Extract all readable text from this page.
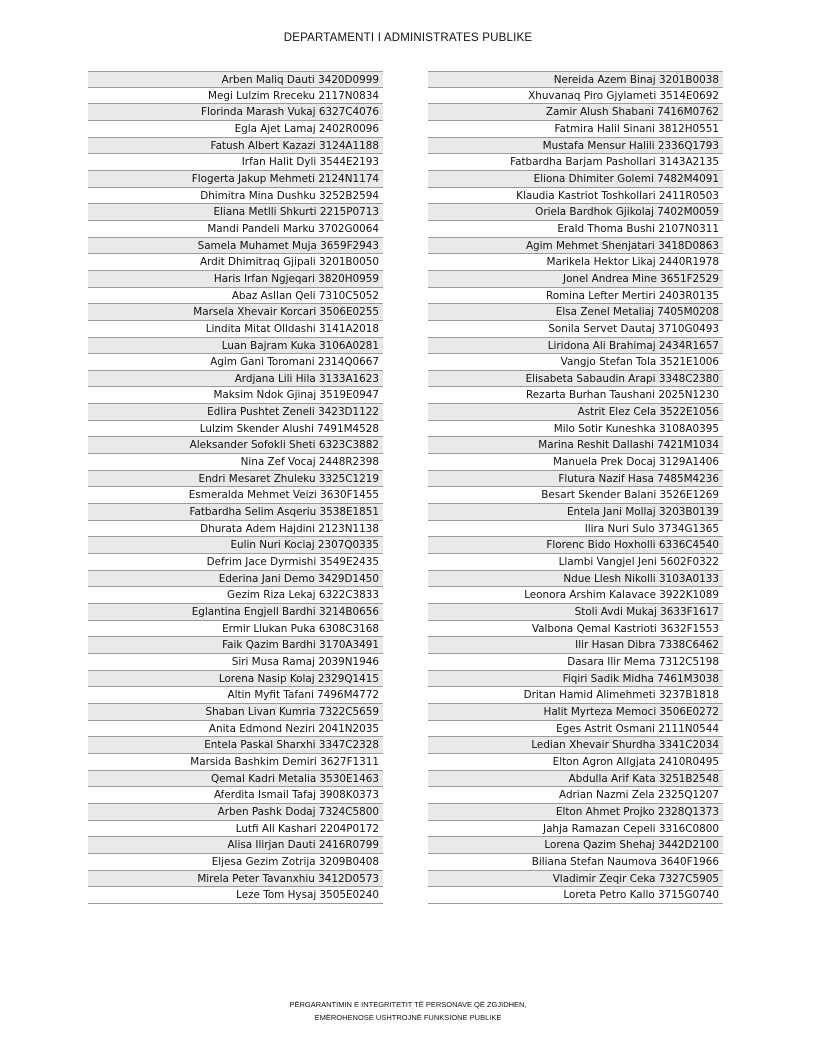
DEPARTAMENTI I ADMINISTRATES PUBLIKE
Arben Maliq Dauti 3420D0999
Megi Lulzim Rreceku 2117N0834
Florinda Marash Vukaj 6327C4076
Egla Ajet Lamaj 2402R0096
Fatush Albert Kazazi 3124A1188
Irfan Halit Dyli 3544E2193
Flogerta Jakup Mehmeti 2124N1174
Dhimitra Mina Dushku 3252B2594
Eliana Metlli Shkurti 2215P0713
Mandi Pandeli Marku 3702G0064
Samela Muhamet Muja 3659F2943
Ardit Dhimitraq Gjipali 3201B0050
Haris Irfan Ngjeqari 3820H0959
Abaz Asllan Qeli 7310C5052
Marsela Xhevair Korcari 3506E0255
Lindita Mitat Olldashi 3141A2018
Luan Bajram Kuka 3106A0281
Agim Gani Toromani 2314Q0667
Ardjana Lili Hila 3133A1623
Maksim Ndok Gjinaj 3519E0947
Edlira Pushtet Zeneli 3423D1122
Lulzim Skender Alushi 7491M4528
Aleksander Sofokli Sheti 6323C3882
Nina Zef Vocaj 2448R2398
Endri Mesaret Zhuleku 3325C1219
Esmeralda Mehmet Veizi 3630F1455
Fatbardha Selim Asqeriu 3538E1851
Dhurata Adem Hajdini 2123N1138
Eulin Nuri Kociaj 2307Q0335
Defrim Jace Dyrmishi 3549E2435
Ederina Jani Demo 3429D1450
Gezim Riza Lekaj 6322C3833
Eglantina Engjell Bardhi 3214B0656
Ermir Llukan Puka 6308C3168
Faik Qazim Bardhi 3170A3491
Siri Musa Ramaj 2039N1946
Lorena Nasip Kolaj 2329Q1415
Altin Myfit Tafani 7496M4772
Shaban Livan Kumria 7322C5659
Anita Edmond Neziri 2041N2035
Entela Paskal Sharxhi 3347C2328
Marsida Bashkim Demiri 3627F1311
Qemal Kadri Metalia 3530E1463
Aferdita Ismail Tafaj 3908K0373
Arben Pashk Dodaj 7324C5800
Lutfi Ali Kashari 2204P0172
Alisa Ilirjan Dauti 2416R0799
Eljesa Gezim Zotrija 3209B0408
Mirela Peter Tavanxhiu 3412D0573
Leze Tom Hysaj 3505E0240
Nereida Azem Binaj 3201B0038
Xhuvanaq Piro Gjylameti 3514E0692
Zamir Alush Shabani 7416M0762
Fatmira Halil Sinani 3812H0551
Mustafa Mensur Halili 2336Q1793
Fatbardha Barjam Pashollari 3143A2135
Eliona Dhimiter Golemi 7482M4091
Klaudia Kastriot Toshkollari 2411R0503
Oriela Bardhok Gjikolaj 7402M0059
Erald Thoma Bushi 2107N0311
Agim Mehmet Shenjatari 3418D0863
Marikela Hektor Likaj 2440R1978
Jonel Andrea Mine 3651F2529
Romina Lefter Mertiri 2403R0135
Elsa Zenel Metaliaj 7405M0208
Sonila Servet Dautaj 3710G0493
Liridona Ali Brahimaj 2434R1657
Vangjo Stefan Tola 3521E1006
Elisabeta Sabaudin Arapi 3348C2380
Rezarta Burhan Taushani 2025N1230
Astrit Elez Cela 3522E1056
Milo Sotir Kuneshka 3108A0395
Marina Reshit Dallashi 7421M1034
Manuela Prek Docaj 3129A1406
Flutura Nazif Hasa 7485M4236
Besart Skender Balani 3526E1269
Entela Jani Mollaj 3203B0139
Ilira Nuri Sulo 3734G1365
Florenc Bido Hoxholli 6336C4540
Llambi Vangjel Jeni 5602F0322
Ndue Llesh Nikolli 3103A0133
Leonora Arshim Kalavace 3922K1089
Stoli Avdi Mukaj 3633F1617
Valbona Qemal Kastrioti 3632F1553
Ilir Hasan Dibra 7338C6462
Dasara Ilir Mema 7312C5198
Fiqiri Sadik Midha 7461M3038
Dritan Hamid Alimehmeti 3237B1818
Halit Myrteza Memoci 3506E0272
Eges Astrit Osmani 2111N0544
Ledian Xhevair Shurdha 3341C2034
Elton Agron Allgjata 2410R0495
Abdulla Arif Kata 3251B2548
Adrian Nazmi Zela 2325Q1207
Elton Ahmet Projko 2328Q1373
Jahja Ramazan Cepeli 3316C0800
Lorena Qazim Shehaj 3442D2100
Biliana Stefan Naumova 3640F1966
Vladimir Zeqir Ceka 7327C5905
Loreta Petro Kallo 3715G0740
PËRGARANTIMIN E INTEGRITETIT TË PERSONAVE QË ZGJIDHEN,
EMËROHENOSE USHTROJNË FUNKSIONE PUBLIKE
